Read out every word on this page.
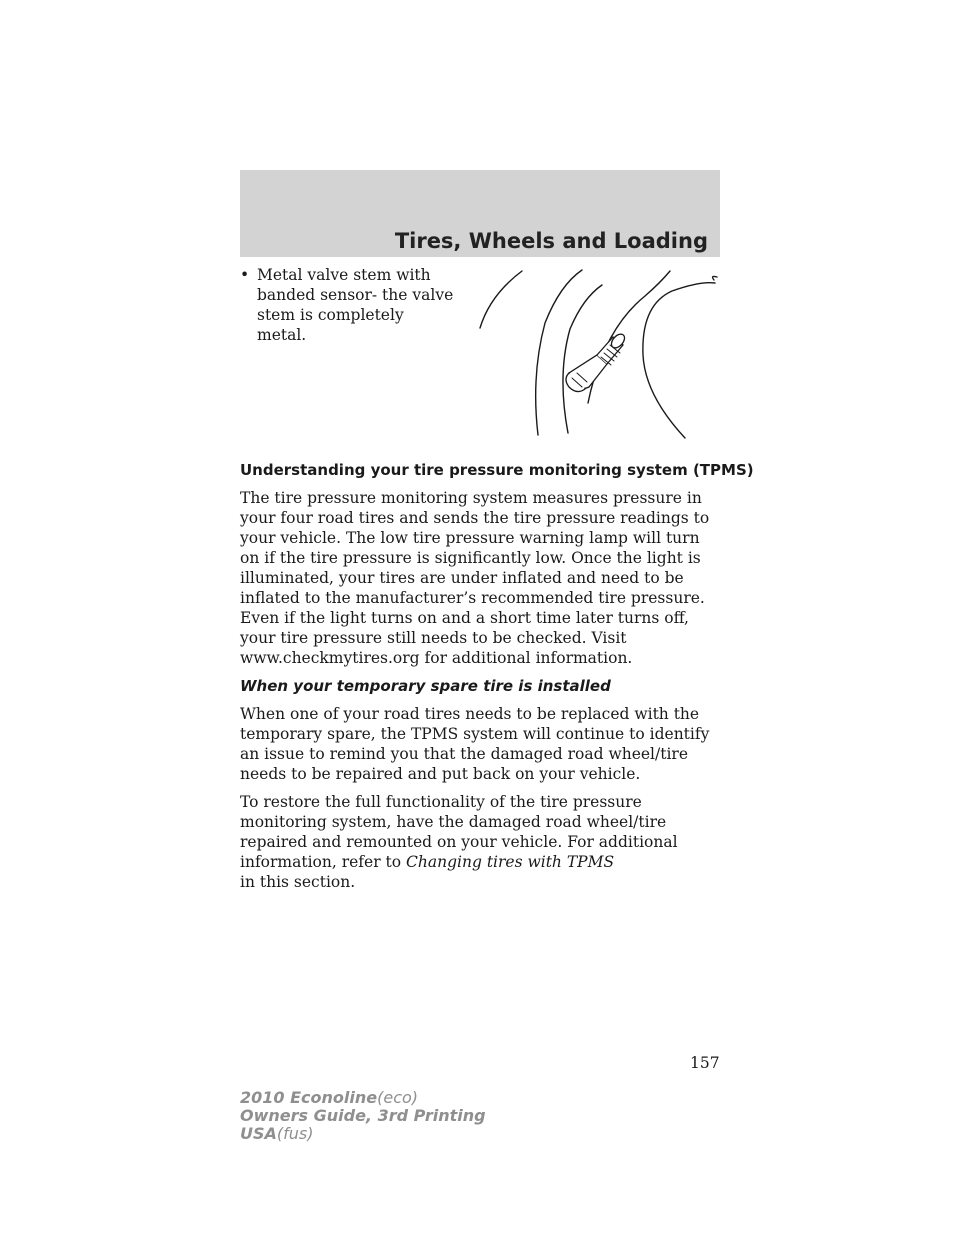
Tires, Wheels and Loading
• Metal valve stem with banded sensor- the valve stem is completely metal.
Understanding your tire pressure monitoring system (TPMS)

The tire pressure monitoring system measures pressure in your four road tires and sends the tire pressure readings to your vehicle. The low tire pressure warning lamp will turn on if the tire pressure is significantly low. Once the light is illuminated, your tires are under inflated and need to be inflated to the manufacturer’s recommended tire pressure. Even if the light turns on and a short time later turns off, your tire pressure still needs to be checked. Visit www.checkmytires.org for additional information.

When your temporary spare tire is installed

When one of your road tires needs to be replaced with the temporary spare, the TPMS system will continue to identify an issue to remind you that the damaged road wheel/tire needs to be repaired and put back on your vehicle.

To restore the full functionality of the tire pressure monitoring system, have the damaged road wheel/tire repaired and remounted on your vehicle. For additional information, refer to Changing tires with TPMS
in this section.

157
2010 Econoline(eco)
Owners Guide, 3rd Printing
USA(fus)
